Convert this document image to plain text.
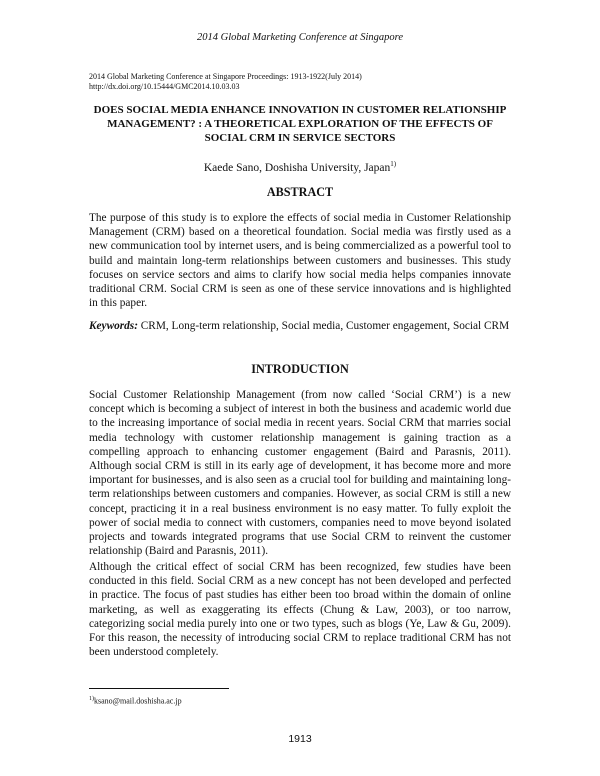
2014 Global Marketing Conference at Singapore
2014 Global Marketing Conference at Singapore Proceedings: 1913-1922(July 2014)
http://dx.doi.org/10.15444/GMC2014.10.03.03
DOES SOCIAL MEDIA ENHANCE INNOVATION IN CUSTOMER RELATIONSHIP MANAGEMENT? : A THEORETICAL EXPLORATION OF THE EFFECTS OF SOCIAL CRM IN SERVICE SECTORS
Kaede Sano, Doshisha University, Japan$^{1)}$
ABSTRACT
The purpose of this study is to explore the effects of social media in Customer Relationship Management (CRM) based on a theoretical foundation. Social media was firstly used as a new communication tool by internet users, and is being commercialized as a powerful tool to build and maintain long-term relationships between customers and businesses. This study focuses on service sectors and aims to clarify how social media helps companies innovate traditional CRM. Social CRM is seen as one of these service innovations and is highlighted in this paper.
Keywords: CRM, Long-term relationship, Social media, Customer engagement, Social CRM
INTRODUCTION
Social Customer Relationship Management (from now called ‘Social CRM’) is a new concept which is becoming a subject of interest in both the business and academic world due to the increasing importance of social media in recent years. Social CRM that marries social media technology with customer relationship management is gaining traction as a compelling approach to enhancing customer engagement (Baird and Parasnis, 2011). Although social CRM is still in its early age of development, it has become more and more important for businesses, and is also seen as a crucial tool for building and maintaining long-term relationships between customers and companies. However, as social CRM is still a new concept, practicing it in a real business environment is no easy matter. To fully exploit the power of social media to connect with customers, companies need to move beyond isolated projects and towards integrated programs that use Social CRM to reinvent the customer relationship (Baird and Parasnis, 2011).
Although the critical effect of social CRM has been recognized, few studies have been conducted in this field. Social CRM as a new concept has not been developed and perfected in practice. The focus of past studies has either been too broad within the domain of online marketing, as well as exaggerating its effects (Chung & Law, 2003), or too narrow, categorizing social media purely into one or two types, such as blogs (Ye, Law & Gu, 2009). For this reason, the necessity of introducing social CRM to replace traditional CRM has not been understood completely.
$^{1)}$ksano@mail.doshisha.ac.jp
1913
